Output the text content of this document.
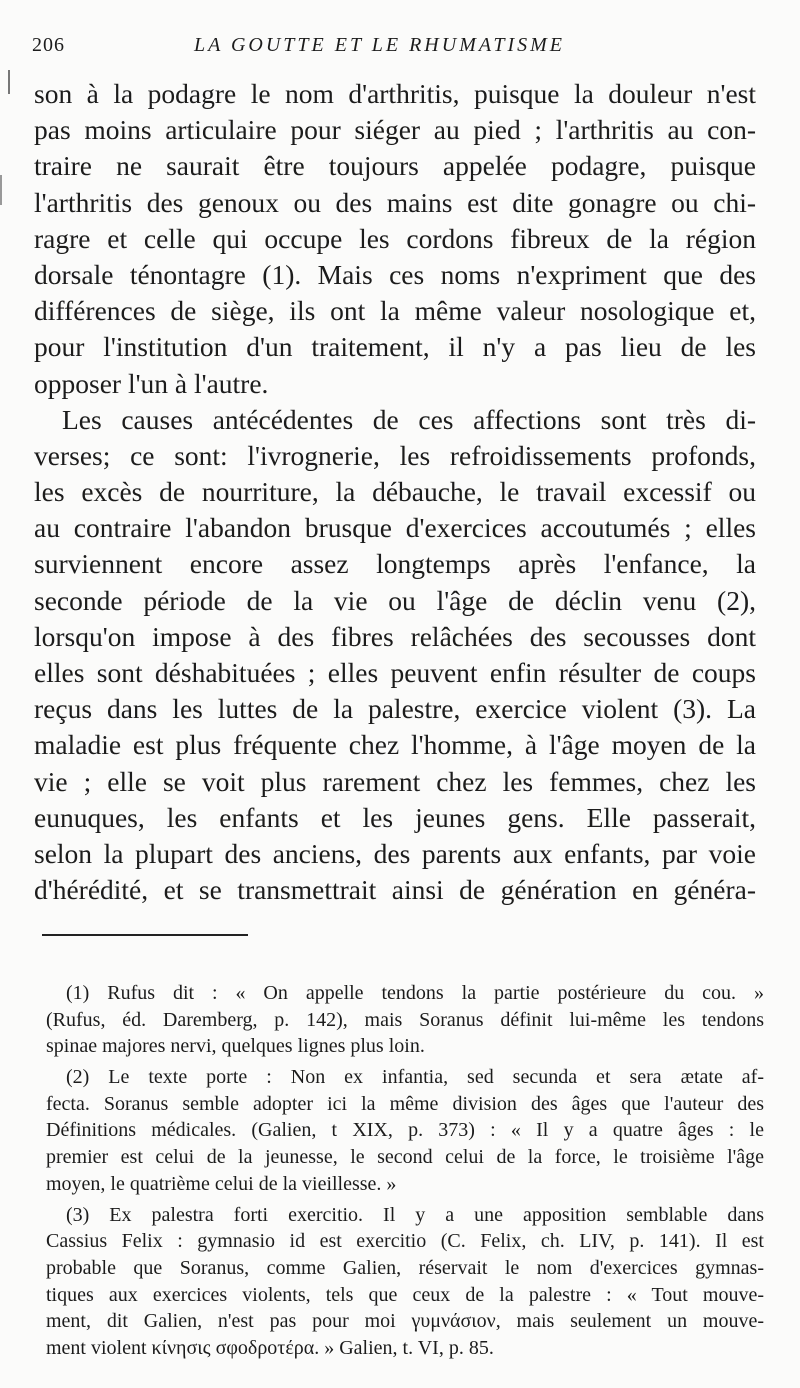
206	LA GOUTTE ET LE RHUMATISME
son à la podagre le nom d'arthritis, puisque la douleur n'est
pas moins articulaire pour siéger au pied ; l'arthritis au con-
traire ne saurait être toujours appelée podagre, puisque
l'arthritis des genoux ou des mains est dite gonagre ou chi-
ragre et celle qui occupe les cordons fibreux de la région
dorsale ténontagre (1). Mais ces noms n'expriment que des
différences de siège, ils ont la même valeur nosologique et,
pour l'institution d'un traitement, il n'y a pas lieu de les
opposer l'un à l'autre.
Les causes antécédentes de ces affections sont très di-
verses; ce sont: l'ivrognerie, les refroidissements profonds,
les excès de nourriture, la débauche, le travail excessif ou
au contraire l'abandon brusque d'exercices accoutumés ; elles
surviennent encore assez longtemps après l'enfance, la
seconde période de la vie ou l'âge de déclin venu (2),
lorsqu'on impose à des fibres relâchées des secousses dont
elles sont déshabituées ; elles peuvent enfin résulter de coups
reçus dans les luttes de la palestre, exercice violent (3). La
maladie est plus fréquente chez l'homme, à l'âge moyen de la
vie ; elle se voit plus rarement chez les femmes, chez les
eunuques, les enfants et les jeunes gens. Elle passerait,
selon la plupart des anciens, des parents aux enfants, par voie
d'hérédité, et se transmettrait ainsi de génération en généra-
(1) Rufus dit : « On appelle tendons la partie postérieure du cou. »
(Rufus, éd. Daremberg, p. 142), mais Soranus définit lui-même les tendons
spinae majores nervi, quelques lignes plus loin.
(2) Le texte porte : Non ex infantia, sed secunda et sera ætate af-
fecta. Soranus semble adopter ici la même division des âges que l'auteur des
Définitions médicales. (Galien, t XIX, p. 373) : « Il y a quatre âges : le
premier est celui de la jeunesse, le second celui de la force, le troisième l'âge
moyen, le quatrième celui de la vieillesse. »
(3) Ex palestra forti exercitio. Il y a une apposition semblable dans
Cassius Felix : gymnasio id est exercitio (C. Felix, ch. LIV, p. 141). Il est
probable que Soranus, comme Galien, réservait le nom d'exercices gymnas-
tiques aux exercices violents, tels que ceux de la palestre : « Tout mouve-
ment, dit Galien, n'est pas pour moi γυμνάσιον, mais seulement un mouve-
ment violent κίνησις σφοδροτέρα. » Galien, t. VI, p. 85.
